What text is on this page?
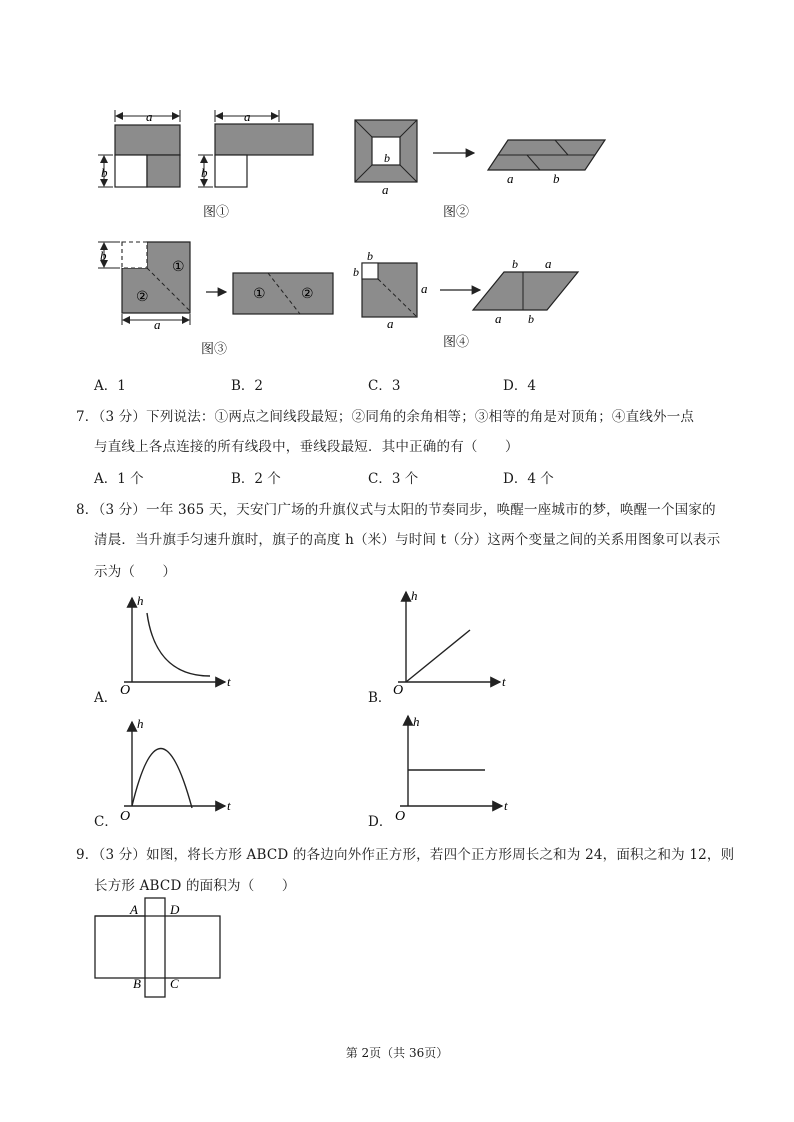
a
b
a
b
b
a
a	b
b
a
①
②	①	②
b
b
a
a
b a
a b
图①	图②
图③	图④
A．1	B．2	C．3	D．4
7．（3 分）下列说法：①两点之间线段最短；②同角的余角相等；③相等的角是对顶角；④直线外一点
与直线上各点连接的所有线段中，垂线段最短．其中正确的有（　　）
A．1 个	B．2 个	C．3 个	D．4 个
8．（3 分）一年 365 天，天安门广场的升旗仪式与太阳的节奏同步，唤醒一座城市的梦，唤醒一个国家的
清晨．当升旗手匀速升旗时，旗子的高度 h（米）与时间 t（分）这两个变量之间的关系用图象可以表示
示为（　　）
h
t
O
h
t
O
h
t
O
h
t
O
A．	B．
C．	D．
9．（3 分）如图，将长方形 ABCD 的各边向外作正方形，若四个正方形周长之和为 24，面积之和为 12，则
长方形 ABCD 的面积为（　　）
A D
B C
第 2页（共 36页）
